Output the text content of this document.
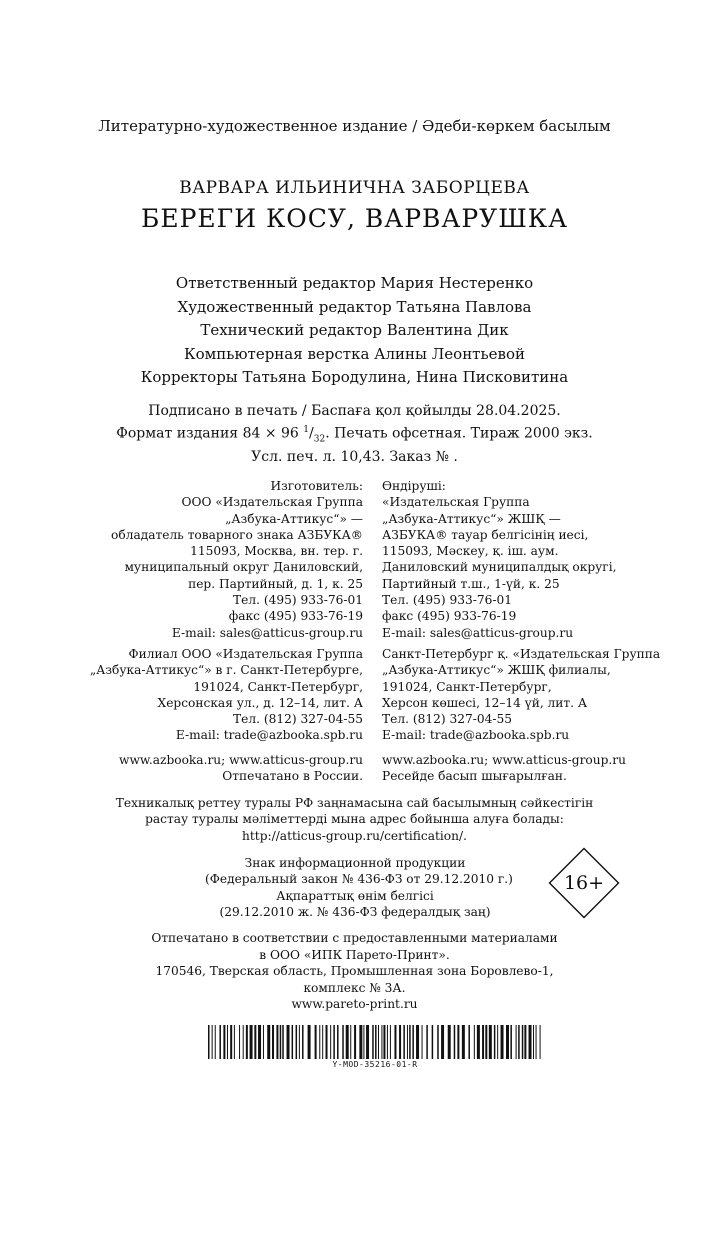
Литературно-художественное издание / Әдеби-көркем басылым
ВАРВАРА ИЛЬИНИЧНА ЗАБОРЦЕВА
БЕРЕГИ КОСУ, ВАРВАРУШКА
Ответственный редактор Мария Нестеренко
Художественный редактор Татьяна Павлова
Технический редактор Валентина Дик
Компьютерная верстка Алины Леонтьевой
Корректоры Татьяна Бородулина, Нина Писковитина
Подписано в печать / Баспаға қол қойылды 28.04.2025.
Формат издания 84 × 96 $^1/_{32}$. Печать офсетная. Тираж 2000 экз.
Усл. печ. л. 10,43. Заказ № .
Изготовитель:
ООО «Издательская Группа
„Азбука-Аттикус“» —
обладатель товарного знака АЗБУКА®
115093, Москва, вн. тер. г.
муниципальный округ Даниловский,
пер. Партийный, д. 1, к. 25
Тел. (495) 933-76-01
факс (495) 933-76-19
E-mail: sales@atticus-group.ru
Филиал ООО «Издательская Группа
„Азбука-Аттикус“» в г. Санкт-Петербурге,
191024, Санкт-Петербург,
Херсонская ул., д. 12–14, лит. А
Тел. (812) 327-04-55
E-mail: trade@azbooka.spb.ru
www.azbooka.ru; www.atticus-group.ru
Отпечатано в России.
Өндіруші:
«Издательская Группа
„Азбука-Аттикус“» ЖШҚ —
АЗБУКА® тауар белгісінің иесі,
115093, Мәскеу, қ. іш. аум.
Даниловский муниципалдық округі,
Партийный т.ш., 1-үй, к. 25
Тел. (495) 933-76-01
факс (495) 933-76-19
E-mail: sales@atticus-group.ru
Санкт-Петербург қ. «Издательская Группа
„Азбука-Аттикус“» ЖШҚ филиалы,
191024, Санкт-Петербург,
Херсон көшесі, 12–14 үй, лит. А
Тел. (812) 327-04-55
E-mail: trade@azbooka.spb.ru
www.azbooka.ru; www.atticus-group.ru
Ресейде басып шығарылған.
Техникалық реттеу туралы РФ заңнамасына сай басылымның сәйкестігін
растау туралы мәліметтерді мына адрес бойынша алуға болады:
http://atticus-group.ru/certification/.
Знак информационной продукции
(Федеральный закон № 436-ФЗ от 29.12.2010 г.)
Ақпараттық өнім белгісі
(29.12.2010 ж. № 436-ФЗ федералдық заң)
16+
Отпечатано в соответствии с предоставленными материалами
в ООО «ИПК Парето-Принт».
170546, Тверская область, Промышленная зона Боровлево-1,
комплекс № 3А.
www.pareto-print.ru
Y-MOD-35216-01-R
